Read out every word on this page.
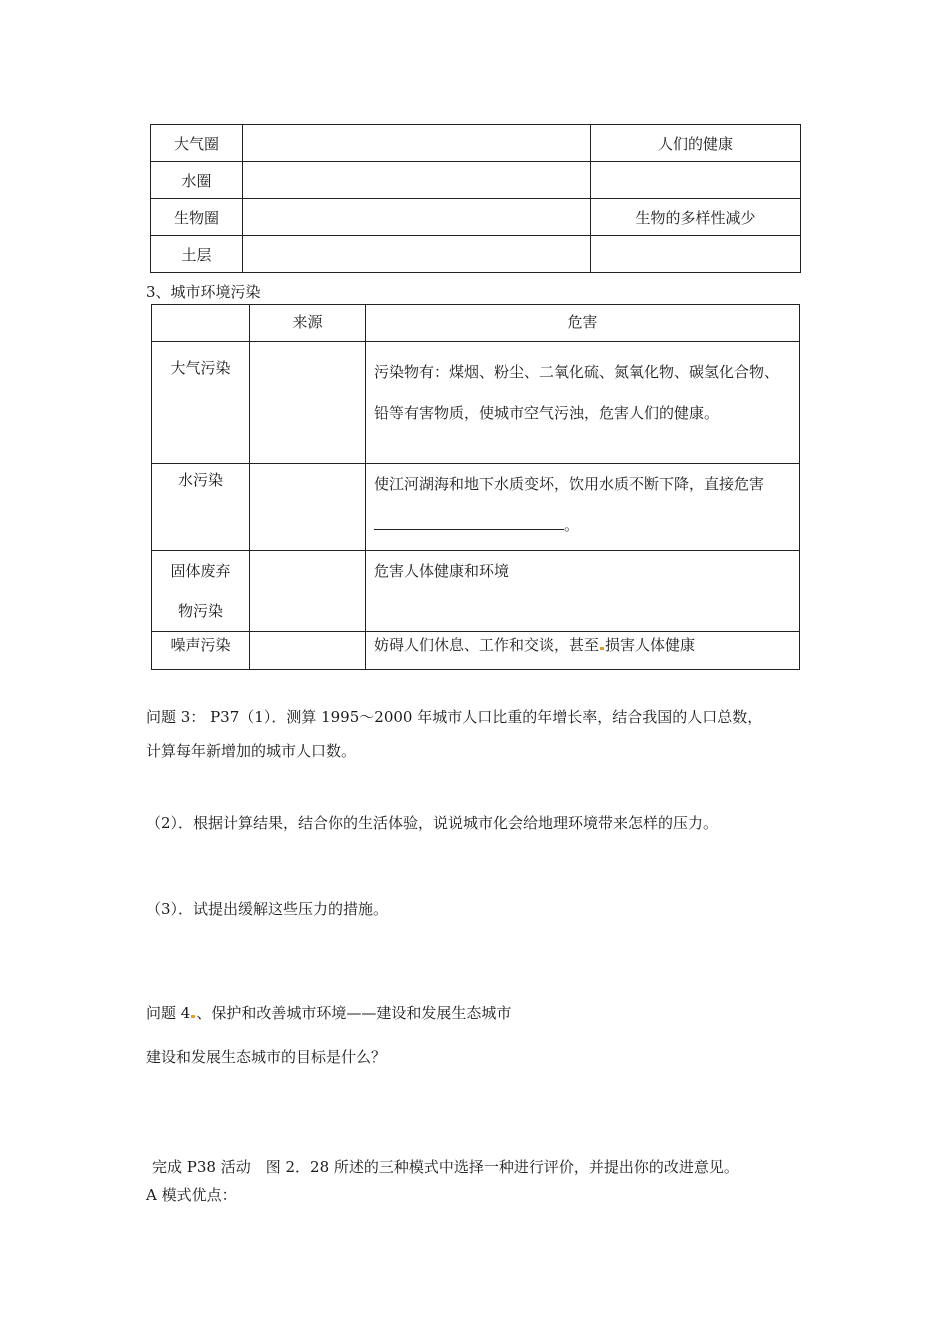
大气圈		人们的健康
水圈		
生物圈		生物的多样性减少
土层		
3、城市环境污染
	来源	危害
大气污染		污染物有：煤烟、粉尘、二氧化硫、氮氧化物、碳氢化合物、铅等有害物质，使城市空气污浊，危害人们的健康。
水污染		使江河湖海和地下水质变坏，饮用水质不断下降，直接危害。

固体废弃
物污染		危害人体健康和环境
噪声污染		妨碍人们休息、工作和交谈，甚至 损害人体健康
问题 3： P37（1）．测算 1995～2000 年城市人口比重的年增长率，结合我国的人口总数，
计算每年新增加的城市人口数。
（2）．根据计算结果，结合你的生活体验，说说城市化会给地理环境带来怎样的压力。
（3）．试提出缓解这些压力的措施。
问题 4 、保护和改善城市环境——建设和发展生态城市
建设和发展生态城市的目标是什么？
完成 P38 活动　图 2．28 所述的三种模式中选择一种进行评价，并提出你的改进意见。
A 模式优点：
